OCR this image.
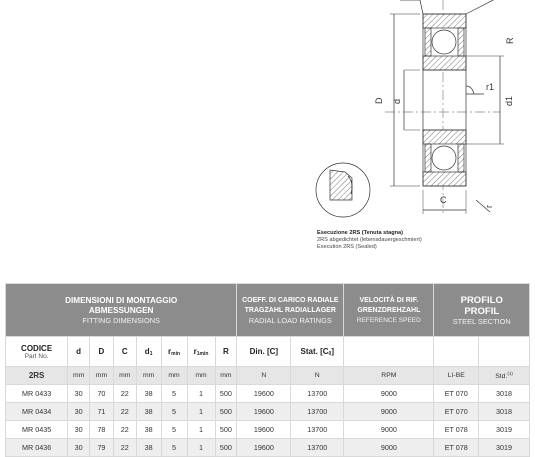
D d	d1
C
R
r1
r
Esecuzione 2RS (Tenuta stagna)
2RS abgedichtet (lebensdauergeschmiert)
Execution 2RS (Sealed)
DIMENSIONI DI MONTAGGIO
ABMESSUNGEN
FITTING DIMENSIONS								COEFF. DI CARICO RADIALE
TRAGZAHL RADIALLAGER
RADIAL LOAD RATINGS		VELOCITÀ DI RIF.
GRENZDREHZAHL
REFERENCE SPEED	PROFILO
PROFIL
STEEL SECTION	

CODICE
Part No.	d	D	C	$d_1$	$r_{min}$	$r_{1min}$	R	Din. [C]	Stat. $[C_0]$			

2RS	mm	mm	mm	mm	mm	mm	mm	N	N	RPM	LI-BE	Std.$^{(1)}$
MR 0433	30	70	22	38	5	1	500	19600	13700	9000	ET 070	3018
MR 0434	30	71	22	38	5	1	500	19600	13700	9000	ET 070	3018
MR 0435	30	78	22	38	5	1	500	19600	13700	9000	ET 078	3019
MR 0436	30	79	22	38	5	1	500	19600	13700	9000	ET 078	3019
